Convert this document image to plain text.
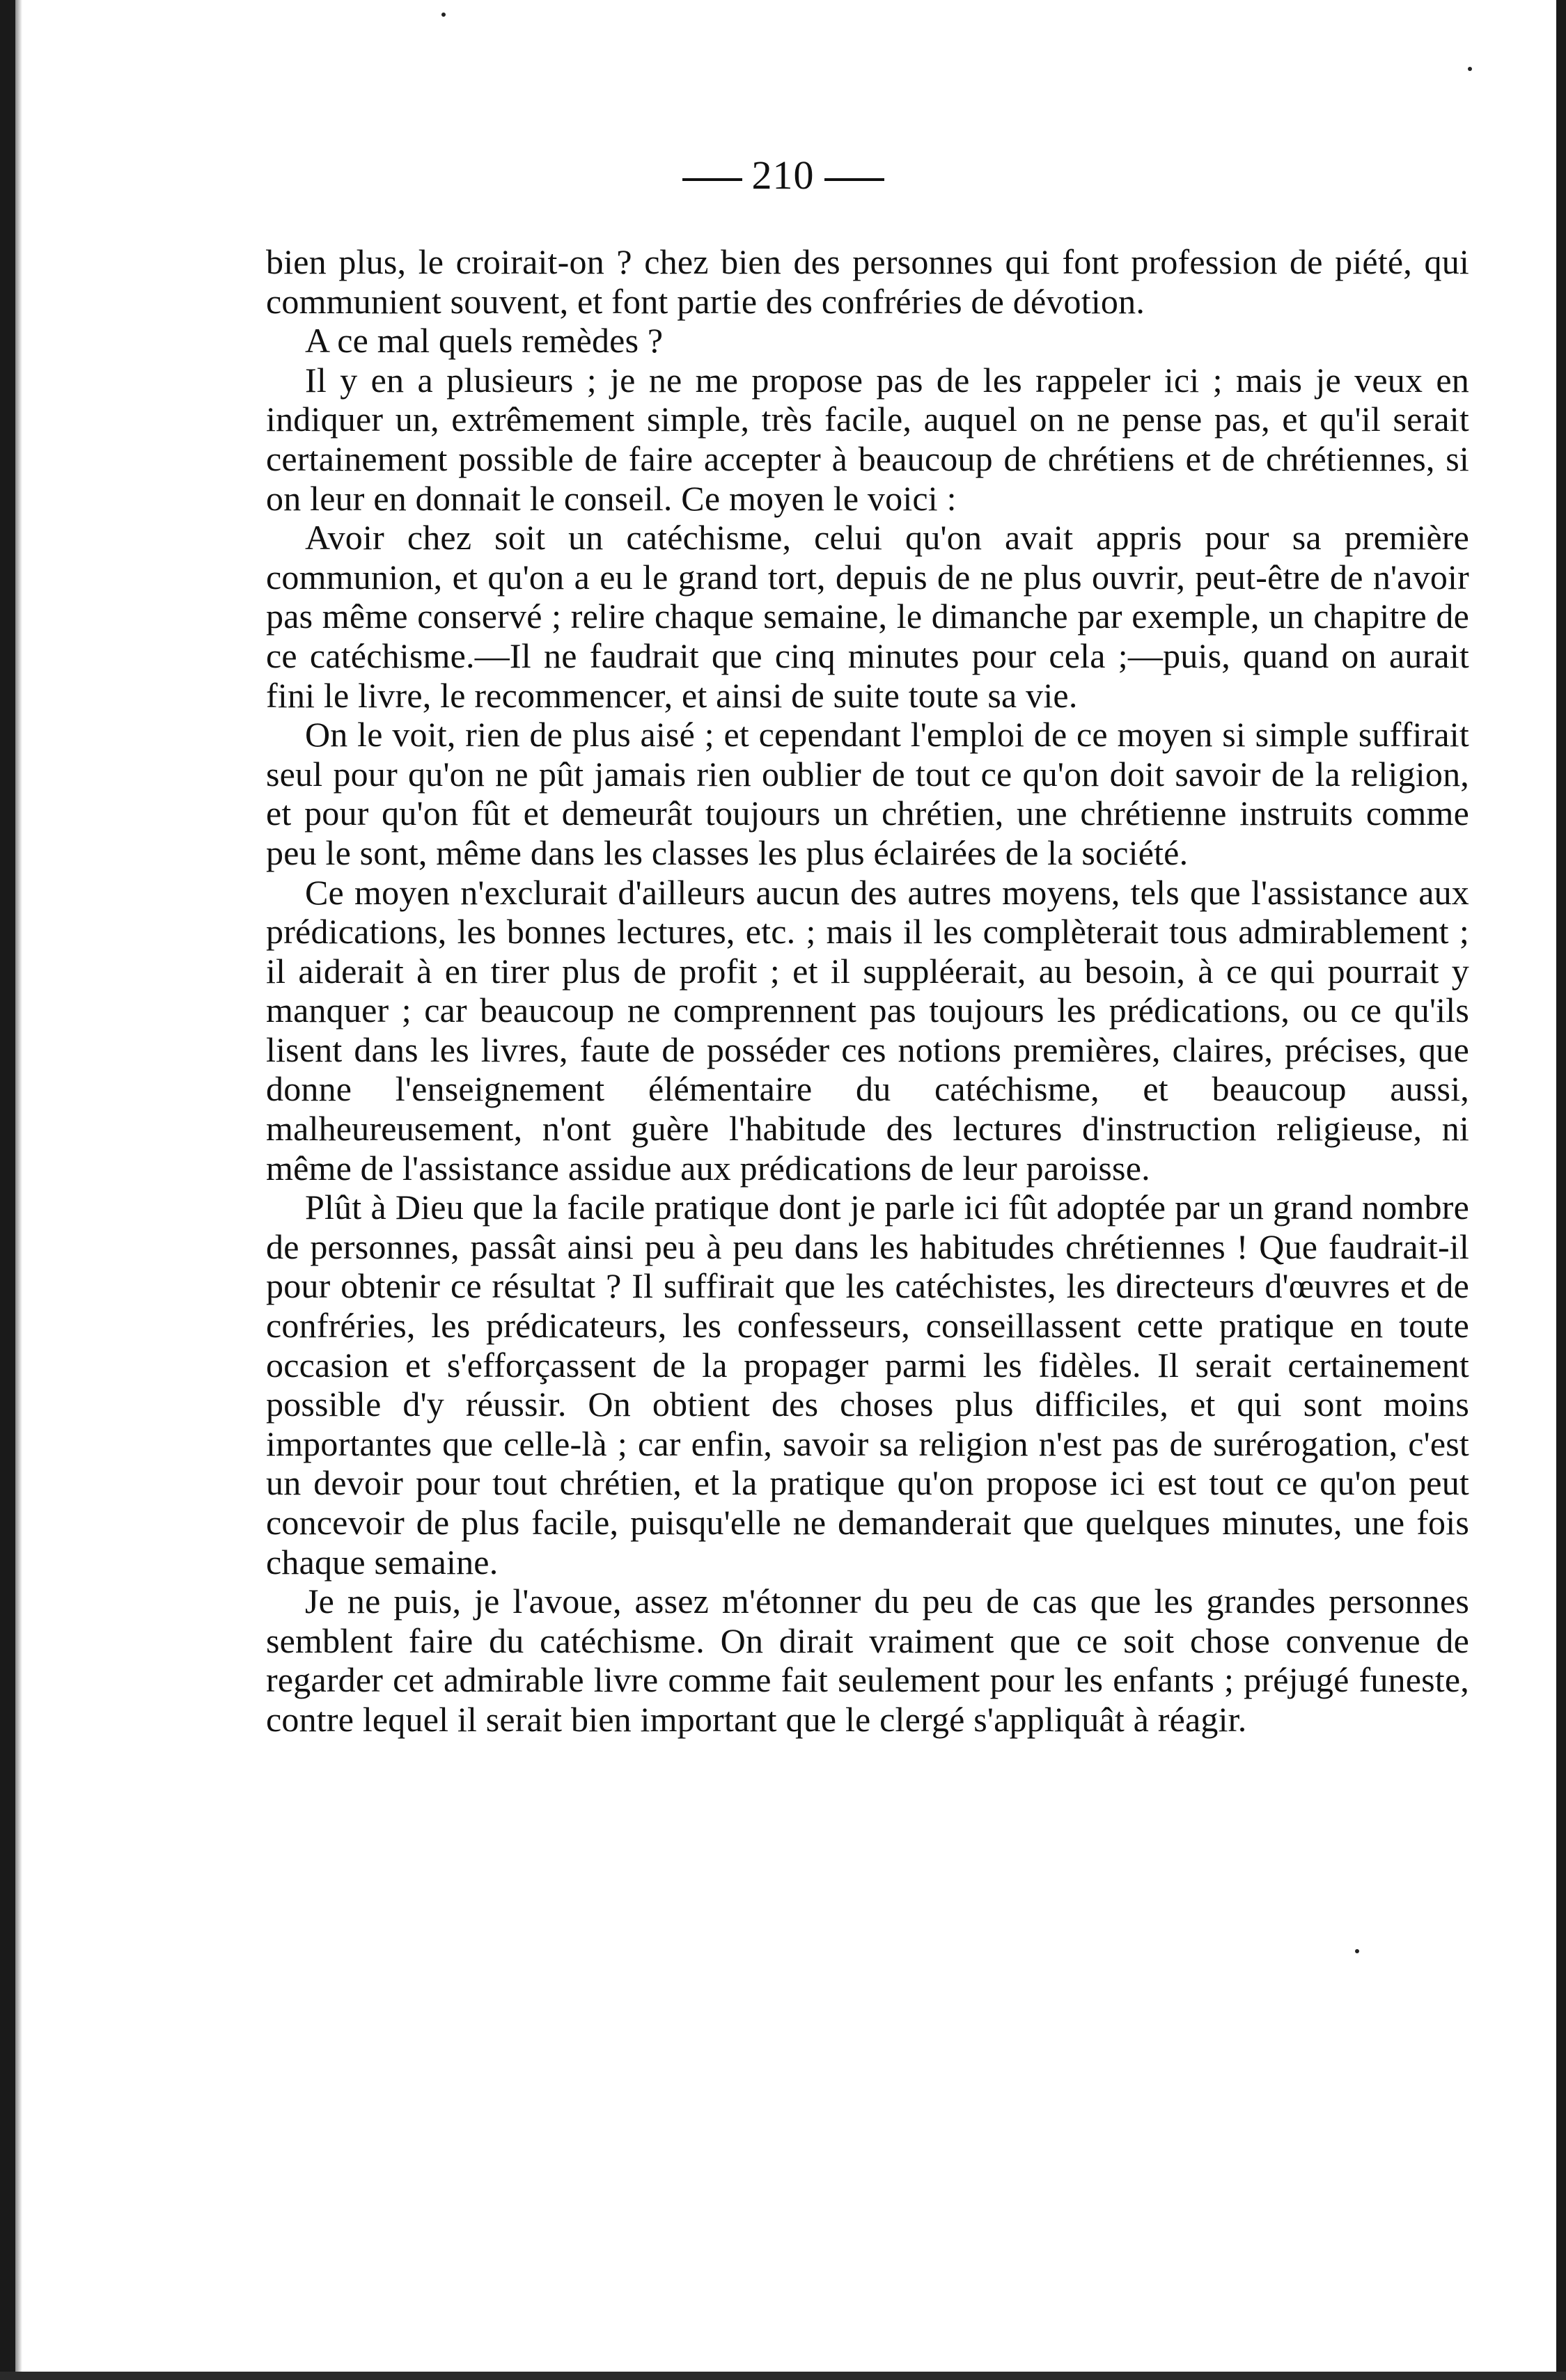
210

bien plus, le croirait-on ? chez bien des personnes qui font profession de piété, qui communient souvent, et font partie des confréries de dévotion.

A ce mal quels remèdes ?

Il y en a plusieurs ; je ne me propose pas de les rappeler ici ; mais je veux en indiquer un, extrêmement simple, très facile, auquel on ne pense pas, et qu'il serait certainement possible de faire accepter à beaucoup de chrétiens et de chrétiennes, si on leur en donnait le conseil. Ce moyen le voici :

Avoir chez soit un catéchisme, celui qu'on avait appris pour sa première communion, et qu'on a eu le grand tort, depuis de ne plus ouvrir, peut-être de n'avoir pas même conservé ; relire chaque semaine, le dimanche par exemple, un chapitre de ce catéchisme.—Il ne faudrait que cinq minutes pour cela ;—puis, quand on aurait fini le livre, le recommencer, et ainsi de suite toute sa vie.

On le voit, rien de plus aisé ; et cependant l'emploi de ce moyen si simple suffirait seul pour qu'on ne pût jamais rien oublier de tout ce qu'on doit savoir de la religion, et pour qu'on fût et demeurât toujours un chrétien, une chrétienne instruits comme peu le sont, même dans les classes les plus éclairées de la société.

Ce moyen n'exclurait d'ailleurs aucun des autres moyens, tels que l'assistance aux prédications, les bonnes lectures, etc. ; mais il les complèterait tous admirablement ; il aiderait à en tirer plus de profit ; et il suppléerait, au besoin, à ce qui pourrait y manquer ; car beaucoup ne comprennent pas toujours les prédications, ou ce qu'ils lisent dans les livres, faute de posséder ces notions premières, claires, précises, que donne l'enseignement élémentaire du catéchisme, et beaucoup aussi, malheureusement, n'ont guère l'habitude des lectures d'instruction religieuse, ni même de l'assistance assidue aux prédications de leur paroisse.

Plût à Dieu que la facile pratique dont je parle ici fût adoptée par un grand nombre de personnes, passât ainsi peu à peu dans les habitudes chrétiennes ! Que faudrait-il pour obtenir ce résultat ? Il suffirait que les catéchistes, les directeurs d'œuvres et de confréries, les prédicateurs, les confesseurs, conseillassent cette pratique en toute occasion et s'efforçassent de la propager parmi les fidèles. Il serait certainement possible d'y réussir. On obtient des choses plus difficiles, et qui sont moins importantes que celle-là ; car enfin, savoir sa religion n'est pas de surérogation, c'est un devoir pour tout chrétien, et la pratique qu'on propose ici est tout ce qu'on peut concevoir de plus facile, puisqu'elle ne demanderait que quelques minutes, une fois chaque semaine.

Je ne puis, je l'avoue, assez m'étonner du peu de cas que les grandes personnes semblent faire du catéchisme. On dirait vraiment que ce soit chose convenue de regarder cet admirable livre comme fait seulement pour les enfants ; préjugé funeste, contre lequel il serait bien important que le clergé s'appliquât à réagir.
